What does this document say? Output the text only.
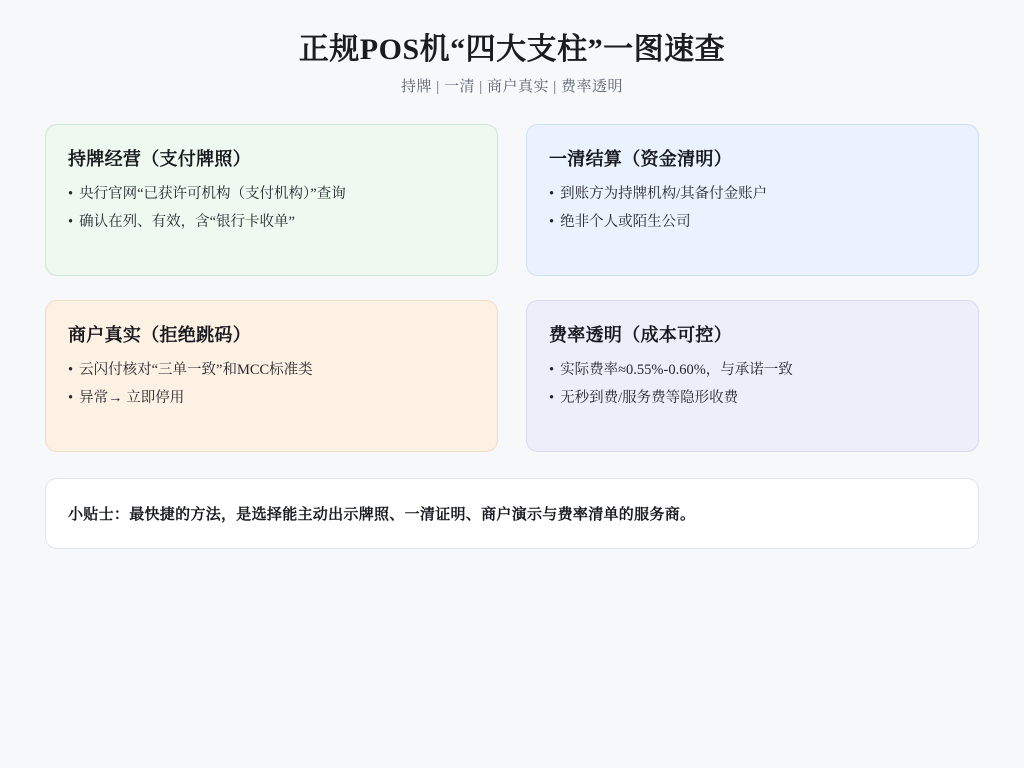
正规POS机“四大支柱”一图速查
持牌 | 一清 | 商户真实 | 费率透明
持牌经营（支付牌照）
• 央行官网“已获许可机构（支付机构）”查询
• 确认在列、有效，含“银行卡收单”
一清结算（资金清明）
• 到账方为持牌机构/其备付金账户
• 绝非个人或陌生公司
商户真实（拒绝跳码）
• 云闪付核对“三单一致”和MCC标准类
• 异常→ 立即停用
费率透明（成本可控）
• 实际费率≈0.55%-0.60%，与承诺一致
• 无秒到费/服务费等隐形收费
小贴士：最快捷的方法，是选择能主动出示牌照、一清证明、商户演示与费率清单的服务商。
